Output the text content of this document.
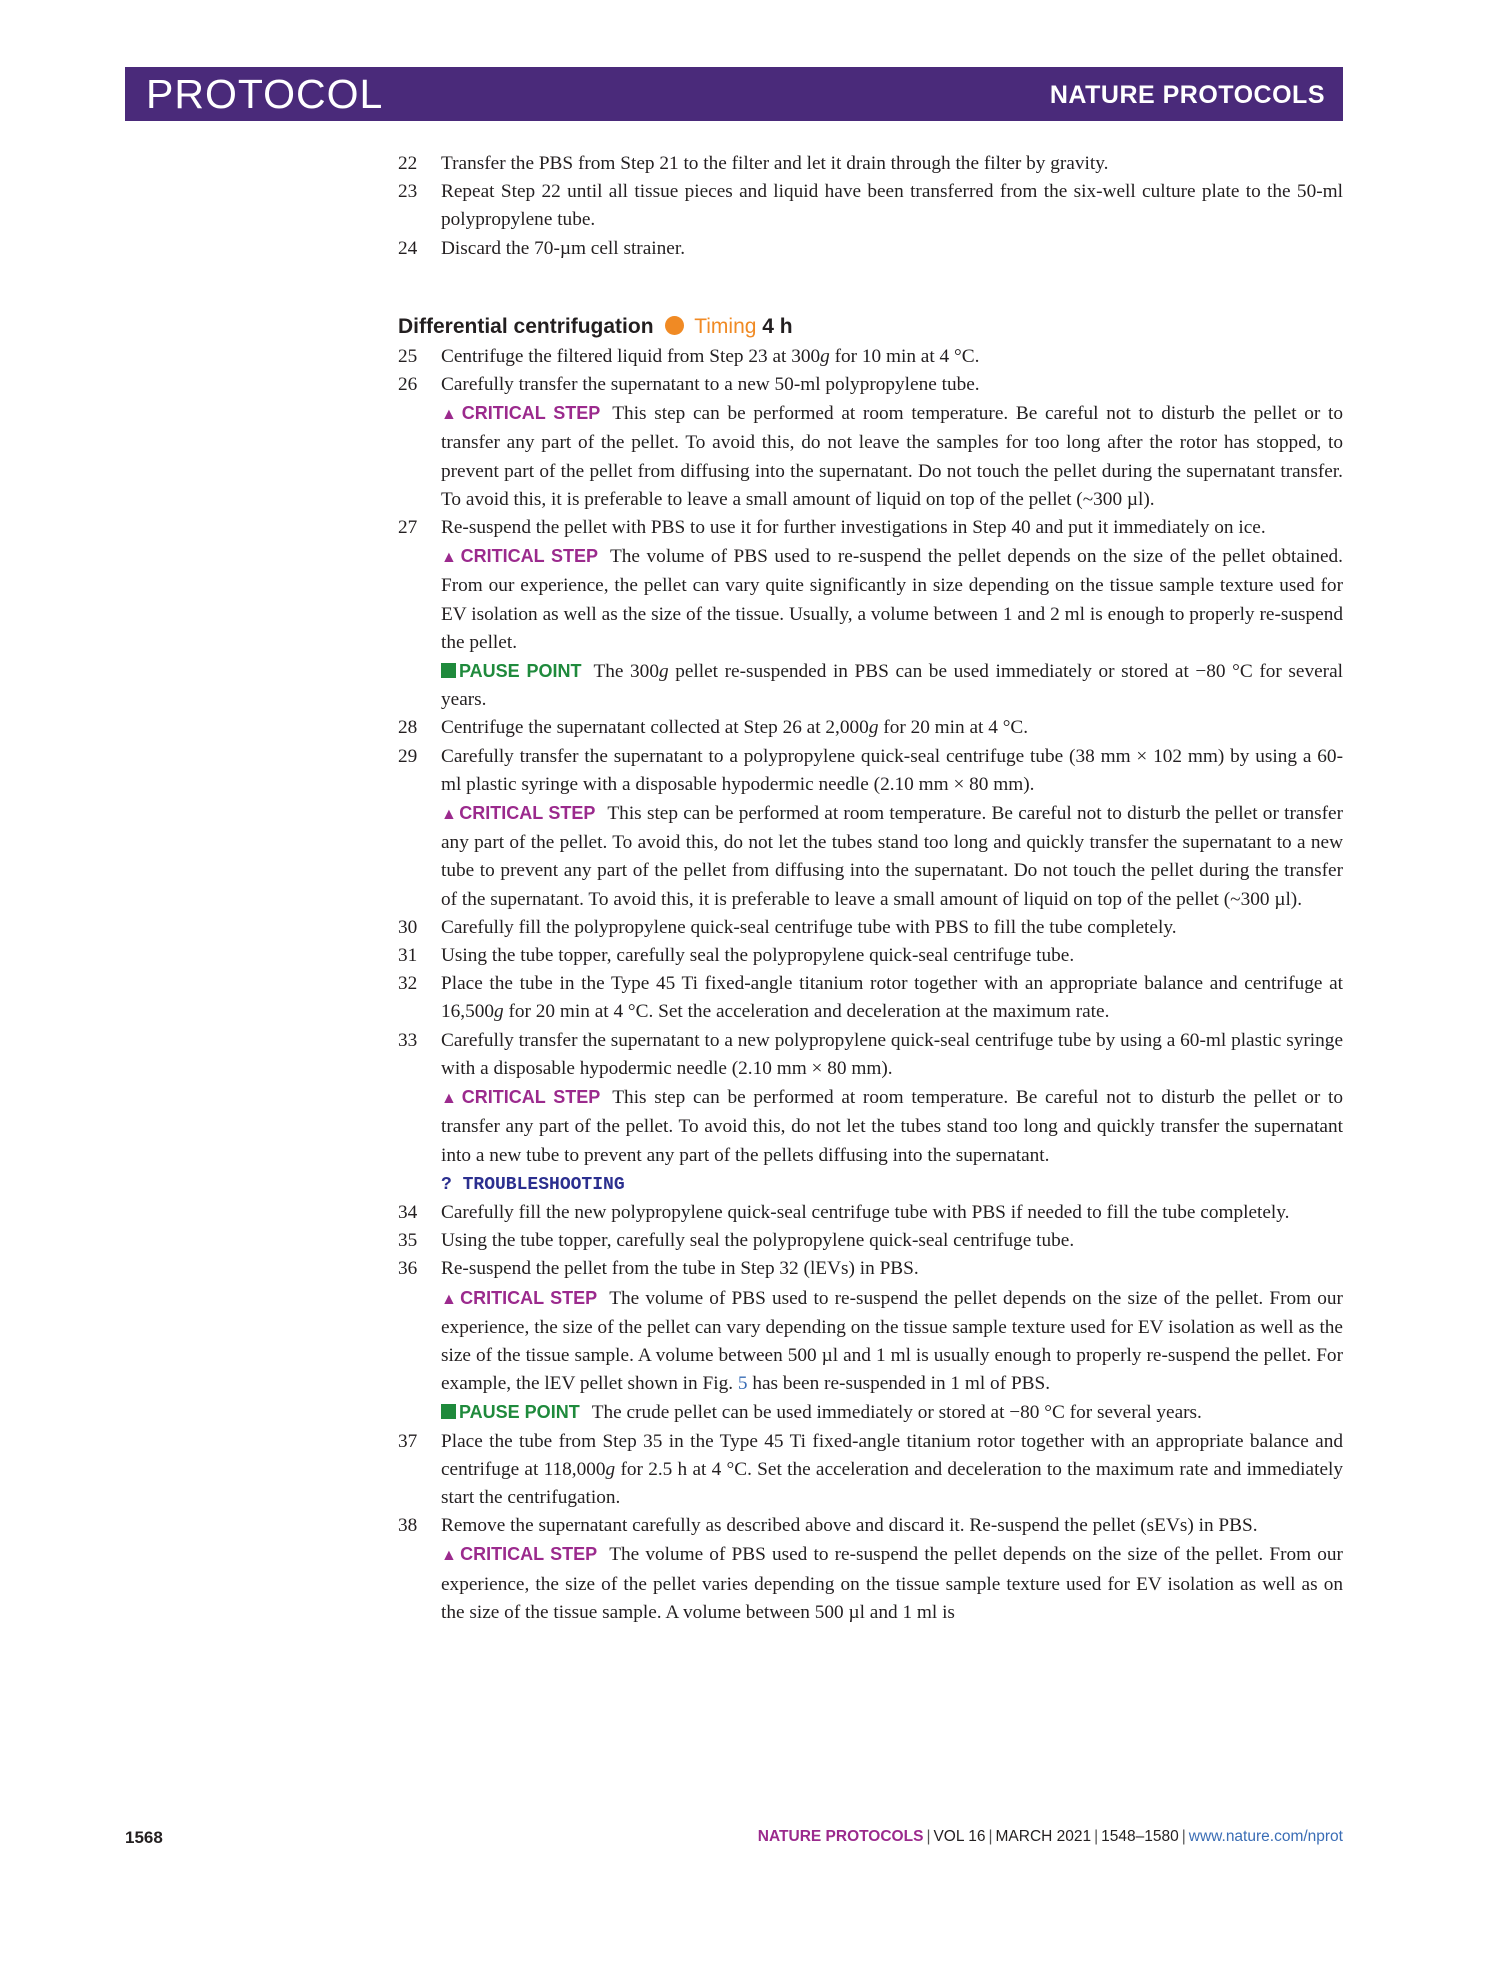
PROTOCOL	NATURE PROTOCOLS
22 Transfer the PBS from Step 21 to the filter and let it drain through the filter by gravity.
23 Repeat Step 22 until all tissue pieces and liquid have been transferred from the six-well culture plate to the 50-ml polypropylene tube.
24 Discard the 70-µm cell strainer.
Differential centrifugation Timing 4 h
25 Centrifuge the filtered liquid from Step 23 at 300g for 10 min at 4 °C.
26 Carefully transfer the supernatant to a new 50-ml polypropylene tube.
▲ CRITICAL STEP This step can be performed at room temperature. Be careful not to disturb the pellet or to transfer any part of the pellet. To avoid this, do not leave the samples for too long after the rotor has stopped, to prevent part of the pellet from diffusing into the supernatant. Do not touch the pellet during the supernatant transfer. To avoid this, it is preferable to leave a small amount of liquid on top of the pellet (~300 µl).
27 Re-suspend the pellet with PBS to use it for further investigations in Step 40 and put it immediately on ice.
▲ CRITICAL STEP The volume of PBS used to re-suspend the pellet depends on the size of the pellet obtained. From our experience, the pellet can vary quite significantly in size depending on the tissue sample texture used for EV isolation as well as the size of the tissue. Usually, a volume between 1 and 2 ml is enough to properly re-suspend the pellet.
PAUSE POINT The 300g pellet re-suspended in PBS can be used immediately or stored at −80 °C for several years.
28 Centrifuge the supernatant collected at Step 26 at 2,000g for 20 min at 4 °C.
29 Carefully transfer the supernatant to a polypropylene quick-seal centrifuge tube (38 mm × 102 mm) by using a 60-ml plastic syringe with a disposable hypodermic needle (2.10 mm × 80 mm).
▲ CRITICAL STEP This step can be performed at room temperature. Be careful not to disturb the pellet or transfer any part of the pellet. To avoid this, do not let the tubes stand too long and quickly transfer the supernatant to a new tube to prevent any part of the pellet from diffusing into the supernatant. Do not touch the pellet during the transfer of the supernatant. To avoid this, it is preferable to leave a small amount of liquid on top of the pellet (~300 µl).
30 Carefully fill the polypropylene quick-seal centrifuge tube with PBS to fill the tube completely.
31 Using the tube topper, carefully seal the polypropylene quick-seal centrifuge tube.
32 Place the tube in the Type 45 Ti fixed-angle titanium rotor together with an appropriate balance and centrifuge at 16,500g for 20 min at 4 °C. Set the acceleration and deceleration at the maximum rate.
33 Carefully transfer the supernatant to a new polypropylene quick-seal centrifuge tube by using a 60-ml plastic syringe with a disposable hypodermic needle (2.10 mm × 80 mm).
▲ CRITICAL STEP This step can be performed at room temperature. Be careful not to disturb the pellet or to transfer any part of the pellet. To avoid this, do not let the tubes stand too long and quickly transfer the supernatant into a new tube to prevent any part of the pellets diffusing into the supernatant.
? TROUBLESHOOTING
34 Carefully fill the new polypropylene quick-seal centrifuge tube with PBS if needed to fill the tube completely.
35 Using the tube topper, carefully seal the polypropylene quick-seal centrifuge tube.
36 Re-suspend the pellet from the tube in Step 32 (lEVs) in PBS.
▲ CRITICAL STEP The volume of PBS used to re-suspend the pellet depends on the size of the pellet. From our experience, the size of the pellet can vary depending on the tissue sample texture used for EV isolation as well as the size of the tissue sample. A volume between 500 µl and 1 ml is usually enough to properly re-suspend the pellet. For example, the lEV pellet shown in Fig. 5 has been re-suspended in 1 ml of PBS.
PAUSE POINT The crude pellet can be used immediately or stored at −80 °C for several years.
37 Place the tube from Step 35 in the Type 45 Ti fixed-angle titanium rotor together with an appropriate balance and centrifuge at 118,000g for 2.5 h at 4 °C. Set the acceleration and deceleration to the maximum rate and immediately start the centrifugation.
38 Remove the supernatant carefully as described above and discard it. Re-suspend the pellet (sEVs) in PBS.
▲ CRITICAL STEP The volume of PBS used to re-suspend the pellet depends on the size of the pellet. From our experience, the size of the pellet varies depending on the tissue sample texture used for EV isolation as well as on the size of the tissue sample. A volume between 500 µl and 1 ml is
1568	NATURE PROTOCOLS | VOL 16 | MARCH 2021 | 1548–1580 | www.nature.com/nprot
